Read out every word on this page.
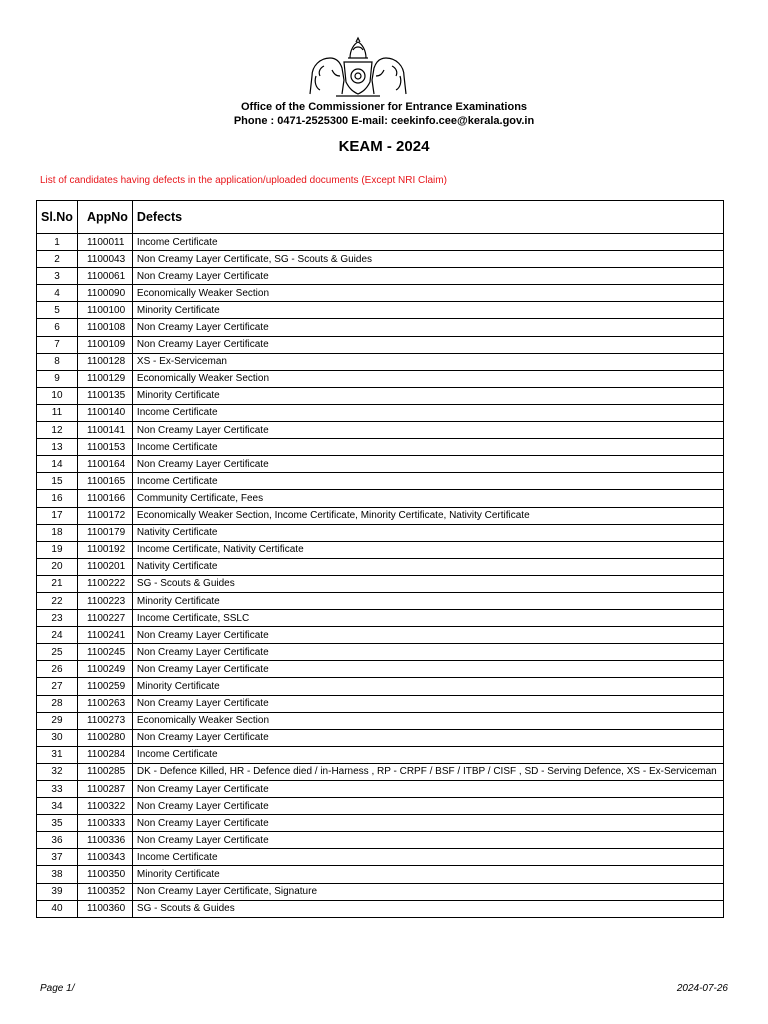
Office of the Commissioner for Entrance Examinations
Phone : 0471-2525300 E-mail: ceekinfo.cee@kerala.gov.in
KEAM - 2024
List of candidates having defects in the application/uploaded documents (Except NRI Claim)
Sl.No	AppNo	Defects
1	1100011	Income Certificate
2	1100043	Non Creamy Layer Certificate, SG - Scouts & Guides
3	1100061	Non Creamy Layer Certificate
4	1100090	Economically Weaker Section
5	1100100	Minority Certificate
6	1100108	Non Creamy Layer Certificate
7	1100109	Non Creamy Layer Certificate
8	1100128	XS - Ex-Serviceman
9	1100129	Economically Weaker Section
10	1100135	Minority Certificate
11	1100140	Income Certificate
12	1100141	Non Creamy Layer Certificate
13	1100153	Income Certificate
14	1100164	Non Creamy Layer Certificate
15	1100165	Income Certificate
16	1100166	Community Certificate, Fees
17	1100172	Economically Weaker Section, Income Certificate, Minority Certificate, Nativity Certificate
18	1100179	Nativity Certificate
19	1100192	Income Certificate, Nativity Certificate
20	1100201	Nativity Certificate
21	1100222	SG - Scouts & Guides
22	1100223	Minority Certificate
23	1100227	Income Certificate, SSLC
24	1100241	Non Creamy Layer Certificate
25	1100245	Non Creamy Layer Certificate
26	1100249	Non Creamy Layer Certificate
27	1100259	Minority Certificate
28	1100263	Non Creamy Layer Certificate
29	1100273	Economically Weaker Section
30	1100280	Non Creamy Layer Certificate
31	1100284	Income Certificate
32	1100285	DK - Defence Killed, HR - Defence died / in-Harness , RP - CRPF / BSF / ITBP / CISF , SD - Serving Defence, XS - Ex-Serviceman
33	1100287	Non Creamy Layer Certificate
34	1100322	Non Creamy Layer Certificate
35	1100333	Non Creamy Layer Certificate
36	1100336	Non Creamy Layer Certificate
37	1100343	Income Certificate
38	1100350	Minority Certificate
39	1100352	Non Creamy Layer Certificate, Signature
40	1100360	SG - Scouts & Guides
Page 1/	2024-07-26
